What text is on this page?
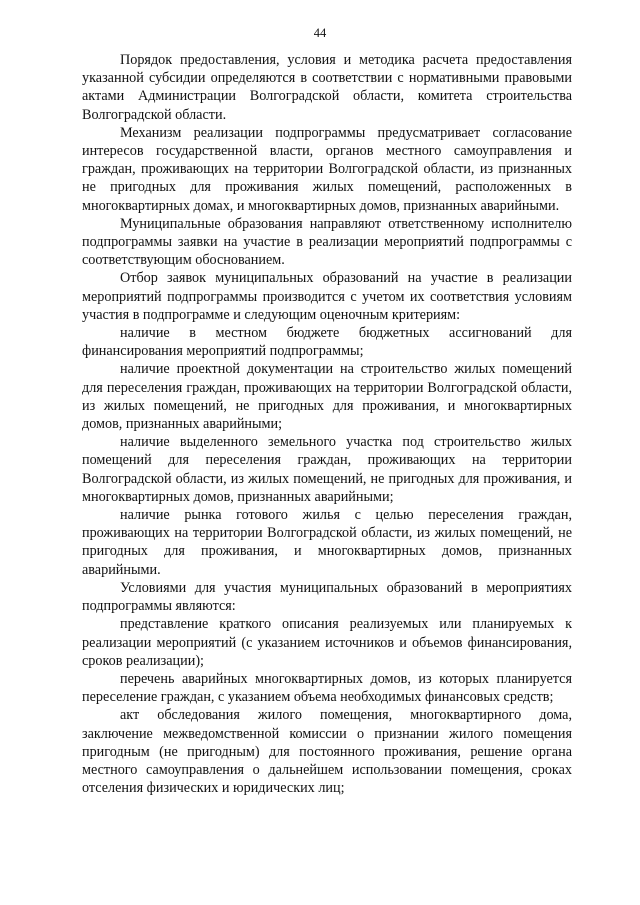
44

Порядок предоставления, условия и методика расчета предоставления указанной субсидии определяются в соответствии с нормативными правовыми актами Администрации Волгоградской области, комитета строительства Волгоградской области.

Механизм реализации подпрограммы предусматривает согласование интересов государственной власти, органов местного самоуправления и граждан, проживающих на территории Волгоградской области, из признанных не пригодных для проживания жилых помещений, расположенных в многоквартирных домах, и многоквартирных домов, признанных аварийными.

Муниципальные образования направляют ответственному исполнителю подпрограммы заявки на участие в реализации мероприятий подпрограммы с соответствующим обоснованием.

Отбор заявок муниципальных образований на участие в реализации мероприятий подпрограммы производится с учетом их соответствия условиям участия в подпрограмме и следующим оценочным критериям:

наличие в местном бюджете бюджетных ассигнований для финансирования мероприятий подпрограммы;

наличие проектной документации на строительство жилых помещений для переселения граждан, проживающих на территории Волгоградской области, из жилых помещений, не пригодных для проживания, и многоквартирных домов, признанных аварийными;

наличие выделенного земельного участка под строительство жилых помещений для переселения граждан, проживающих на территории Волгоградской области, из жилых помещений, не пригодных для проживания, и многоквартирных домов, признанных аварийными;

наличие рынка готового жилья с целью переселения граждан, проживающих на территории Волгоградской области, из жилых помещений, не пригодных для проживания, и многоквартирных домов, признанных аварийными.

Условиями для участия муниципальных образований в мероприятиях подпрограммы являются:

представление краткого описания реализуемых или планируемых к реализации мероприятий (с указанием источников и объемов финансирования, сроков реализации);

перечень аварийных многоквартирных домов, из которых планируется переселение граждан, с указанием объема необходимых финансовых средств;

акт обследования жилого помещения, многоквартирного дома, заключение межведомственной комиссии о признании жилого помещения пригодным (не пригодным) для постоянного проживания, решение органа местного самоуправления о дальнейшем использовании помещения, сроках отселения физических и юридических лиц;
